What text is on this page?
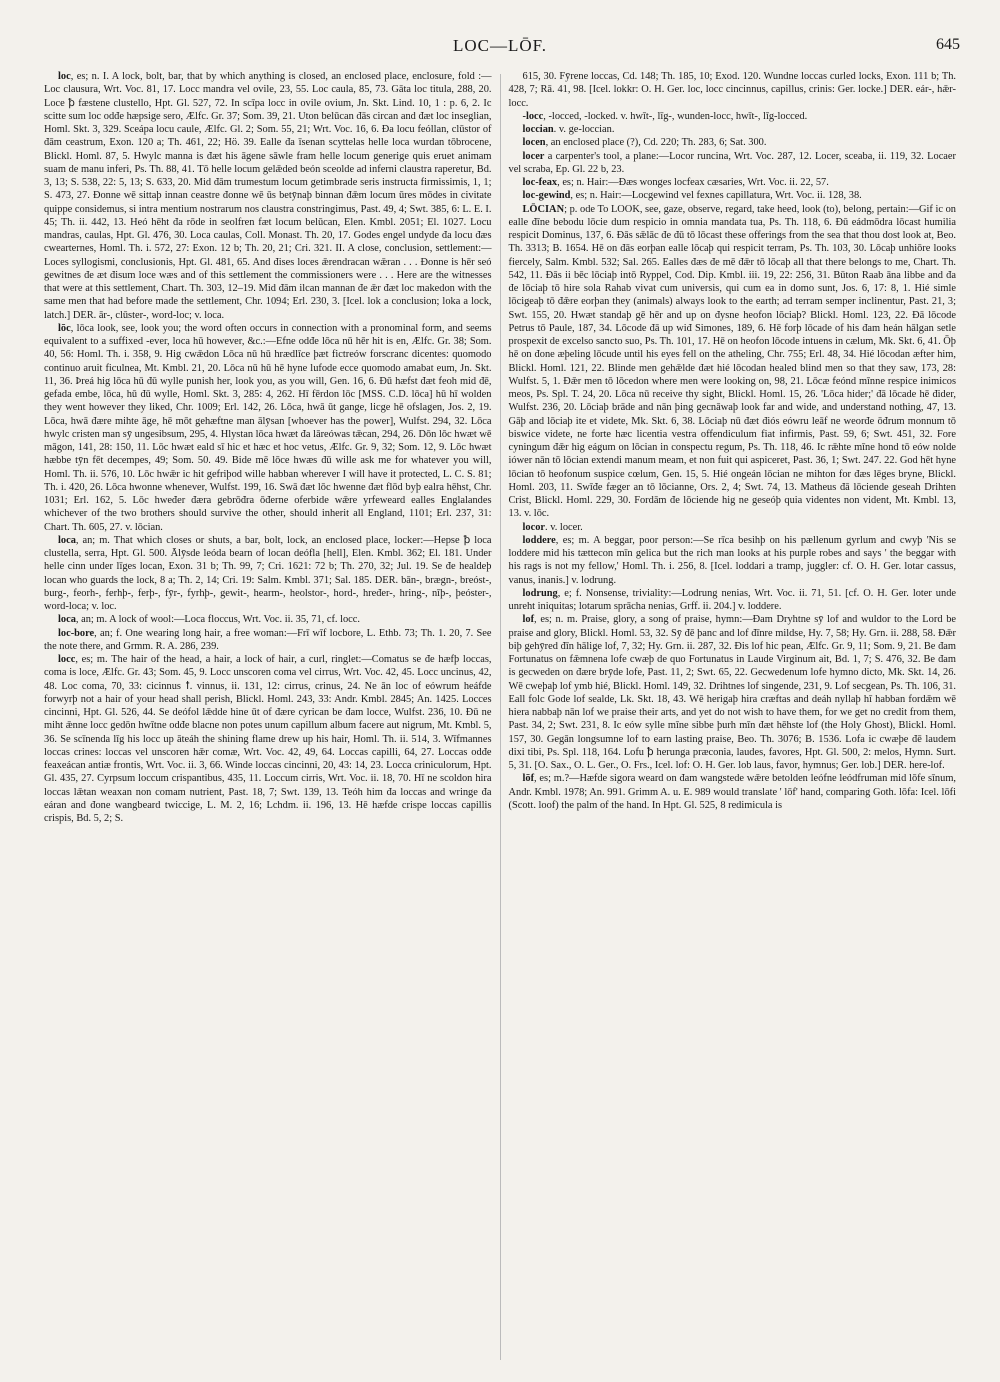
LOC—LŌF.	645

loc, es; n. I. A lock, bolt, bar, that by which anything is closed, an enclosed place, enclosure, fold :—Loc clausura, Wrt. Voc. 81, 17. Locc mandra vel ovile, 23, 55. Loc caula, 85, 73. Gāta loc titula, 288, 20. Loce ꝥ fæstene clustello, Hpt. Gl. 527, 72. In scīpa locc in ovile ovium, Jn. Skt. Lind. 10, 1 : p. 6, 2. Ic scitte sum loc odđe hæpsige sero, Ælfc. Gr. 37; Som. 39, 21. Uton belūcan đās circan and đæt loc inseglian, Homl. Skt. 3, 329. Sceápa locu caule, Ælfc. Gl. 2; Som. 55, 21; Wrt. Voc. 16, 6. Đa locu feóllan, clūstor of đām ceastrum, Exon. 120 a; Th. 461, 22; Hö. 39. Ealle đa īsenan scyttelas helle loca wurdan tōbrocene, Blickl. Homl. 87, 5. Hwylc manna is đæt his āgene sāwle fram helle locum generige quis eruet animam suam de manu inferi, Ps. Th. 88, 41. Tō helle locum gelǣded beón sceolde ad inferni claustra raperetur, Bd. 3, 13; S. 538, 22: 5, 13; S. 633, 20. Mid đām trumestum locum getimbrade seris instructa firmissimis, 1, 1; S. 473, 27. Đonne wē sittaþ innan ceastre đonne wē ūs betȳnaþ binnan đǣm locum ūres mōdes in civitate quippe considemus, si intra mentium nostrarum nos claustra constringimus, Past. 49, 4; Swt. 385, 6: L. E. I. 45; Th. ii. 442, 13. Heó hēht đa rōde in seolfren fæt locum belūcan, Elen. Kmbl. 2051; El. 1027. Locu mandras, caulas, Hpt. Gl. 476, 30. Loca caulas, Coll. Monast. Th. 20, 17. Godes engel undyde đa locu đæs cwearternes, Homl. Th. i. 572, 27: Exon. 12 b; Th. 20, 21; Cri. 321. II. A close, conclusion, settlement:—Loces syllogismi, conclusionis, Hpt. Gl. 481, 65. And đises loces ǣrendracan wǣran . . . Đonne is hēr seó gewitnes đe æt đisum loce wæs and of this settlement the commissioners were . . . Here are the witnesses that were at this settlement, Chart. Th. 303, 12–19. Mid đām ilcan mannan đe ǣr đæt loc makedon with the same men that had before made the settlement, Chr. 1094; Erl. 230, 3. [Icel. lok a conclusion; loka a lock, latch.] DER. ār-, clūster-, word-loc; v. loca.

lōc, lōca look, see, look you; the word often occurs in connection with a pronominal form, and seems equivalent to a suffixed -ever, loca hū however, &c.:—Efne odđe lōca nū hēr hit is en, Ælfc. Gr. 38; Som. 40, 56: Homl. Th. i. 358, 9. Hig cwǣdon Lōca nū hū hrædlīce þæt fictreów forscranc dicentes: quomodo continuo aruit ficulnea, Mt. Kmbl. 21, 20. Lōca nū hū hē hyne lufode ecce quomodo amabat eum, Jn. Skt. 11, 36. Þreá hig lōca hū đū wylle punish her, look you, as you will, Gen. 16, 6. Đū hæfst đæt feoh mid đē, gefada embe, lōca, hū đū wylle, Homl. Skt. 3, 285: 4, 262. Hī fērdon lōc [MSS. C.D. lōca] hū hī wolden they went however they liked, Chr. 1009; Erl. 142, 26. Lōca, hwā ūt gange, licge hē ofslagen, Jos. 2, 19. Lōca, hwā đære mihte āge, hē mōt gehæftne man ālȳsan [whoever has the power], Wulfst. 294, 32. Lōca hwylc cristen man sȳ ungesibsum, 295, 4. Hlystan lōca hwæt đa lāreówas tǣcan, 294, 26. Dōn lōc hwæt wē māgon, 141, 28: 150, 11. Lōc hwæt eald sī hic et hæc et hoc vetus, Ælfc. Gr. 9, 32; Som. 12, 9. Lōc hwæt hæbbe tȳn fēt decempes, 49; Som. 50. 49. Bide mē lōce hwæs đū wille ask me for whatever you will, Homl. Th. ii. 576, 10. Lōc hwǣr ic hit gefriþod wille habban wherever I will have it protected, L. C. S. 81; Th. i. 420, 26. Lōca hwonne whenever, Wulfst. 199, 16. Swā đæt lōc hwenne đæt flōd byþ ealra hēhst, Chr. 1031; Erl. 162, 5. Lōc hweđer đæra gebrōđra ōđerne oferbide wǣre yrfeweard ealles Englalandes whichever of the two brothers should survive the other, should inherit all England, 1101; Erl. 237, 31: Chart. Th. 605, 27. v. lōcian.

loca, an; m. That which closes or shuts, a bar, bolt, lock, an enclosed place, locker:—Hepse ꝥ loca clustella, serra, Hpt. Gl. 500. Ālȳsde leóda bearn of locan deófla [hell], Elen. Kmbl. 362; El. 181. Under helle cinn under līges locan, Exon. 31 b; Th. 99, 7; Cri. 1621: 72 b; Th. 270, 32; Jul. 19. Se đe healdeþ locan who guards the lock, 8 a; Th. 2, 14; Cri. 19: Salm. Kmbl. 371; Sal. 185. DER. bān-, brægn-, breóst-, burg-, feorh-, ferhþ-, ferþ-, fȳr-, fyrhþ-, gewit-, hearm-, heolstor-, hord-, hređer-, hring-, nīþ-, þeóster-, word-loca; v. loc.

loca, an; m. A lock of wool:—Loca floccus, Wrt. Voc. ii. 35, 71, cf. locc.

loc-bore, an; f. One wearing long hair, a free woman:—Frī wīf locbore, L. Ethb. 73; Th. 1. 20, 7. See the note there, and Grmm. R. A. 286, 239.

locc, es; m. The hair of the head, a hair, a lock of hair, a curl, ringlet:—Comatus se đe hæfþ loccas, coma is loce, Ælfc. Gr. 43; Som. 45, 9. Locc unscoren coma vel cirrus, Wrt. Voc. 42, 45. Locc uncinus, 42, 48. Loc coma, 70, 33: cicinnus ꝉ. vinnus, ii. 131, 12: cirrus, crinus, 24. Ne ān loc of eówrum heáfde forwyrþ not a hair of your head shall perish, Blickl. Homl. 243, 33: Andr. Kmbl. 2845; An. 1425. Locces cincinni, Hpt. Gl. 526, 44. Se deófol lǣdde hine ūt of đære cyrican be đam locce, Wulfst. 236, 10. Đū ne miht ǣnne locc gedōn hwītne odđe blacne non potes unum capillum album facere aut nigrum, Mt. Kmbl. 5, 36. Se scīnenda līg his locc up āteáh the shining flame drew up his hair, Homl. Th. ii. 514, 3. Wīfmannes loccas crines: loccas vel unscoren hǣr comæ, Wrt. Voc. 42, 49, 64. Loccas capilli, 64, 27. Loccas odđe feaxeácan antiæ frontis, Wrt. Voc. ii. 3, 66. Winde loccas cincinni, 20, 43: 14, 23. Locca criniculorum, Hpt. Gl. 435, 27. Cyrpsum loccum crispantibus, 435, 11. Loccum cirris, Wrt. Voc. ii. 18, 70. Hī ne scoldon hira loccas lǣtan weaxan non comam nutrient, Past. 18, 7; Swt. 139, 13. Teóh him đa loccas and wringe đa eáran and đone wangbeard twiccige, L. M. 2, 16; Lchdm. ii. 196, 13. Hē hæfde crispe loccas capillis crispis, Bd. 5, 2; S.

615, 30. Fȳrene loccas, Cd. 148; Th. 185, 10; Exod. 120. Wundne loccas curled locks, Exon. 111 b; Th. 428, 7; Rā. 41, 98. [Icel. lokkr: O. H. Ger. loc, locc cincinnus, capillus, crinis: Ger. locke.] DER. eár-, hǣr-locc.

-locc, -locced, -locked. v. hwīt-, līg-, wunden-locc, hwīt-, līg-locced.

loccian. v. ge-loccian.

locen, an enclosed place (?), Cd. 220; Th. 283, 6; Sat. 300.

locer a carpenter's tool, a plane:—Locor runcina, Wrt. Voc. 287, 12. Locer, sceaba, ii. 119, 32. Locaer vel scraba, Ep. Gl. 22 b, 23.

loc-feax, es; n. Hair:—Đæs wonges locfeax cæsaries, Wrt. Voc. ii. 22, 57.

loc-gewind, es; n. Hair:—Locgewind vel fexnes capillatura, Wrt. Voc. ii. 128, 38.

LŌCIAN; p. ode To LOOK, see, gaze, observe, regard, take heed, look (to), belong, pertain:—Gif ic on ealle đīne bebodu lōcie dum respicio in omnia mandata tua, Ps. Th. 118, 6. Đū eádmōdra lōcast humilia respicit Dominus, 137, 6. Đās sǣlāc đe đū tō lōcast these offerings from the sea that thou dost look at, Beo. Th. 3313; B. 1654. Hē on đās eorþan ealle lōcaþ qui respicit terram, Ps. Th. 103, 30. Lōcaþ unhiōre looks fiercely, Salm. Kmbl. 532; Sal. 265. Ealles đæs đe mē đǣr tō lōcaþ all that there belongs to me, Chart. Th. 542, 11. Đās ii bēc lōciaþ intō Ryppel, Cod. Dip. Kmbl. iii. 19, 22: 256, 31. Būton Raab āna libbe and đa đe lōciaþ tō hire sola Rahab vivat cum universis, qui cum ea in domo sunt, Jos. 6, 17: 8, 1. Hié simle lōcigeaþ tō đǣre eorþan they (animals) always look to the earth; ad terram semper inclinentur, Past. 21, 3; Swt. 155, 20. Hwæt standaþ gē hēr and up on đysne heofon lōciaþ? Blickl. Homl. 123, 22. Đā lōcode Petrus tō Paule, 187, 34. Lōcode đā up wiđ Simones, 189, 6. Hē forþ lōcade of his đam heán hālgan setle prospexit de excelso sancto suo, Ps. Th. 101, 17. Hē on heofon lōcode intuens in cælum, Mk. Skt. 6, 41. Ōþ hē on đone æþeling lōcude until his eyes fell on the atheling, Chr. 755; Erl. 48, 34. Hié lōcodan æfter him, Blickl. Homl. 121, 22. Blinde men gehǣlde đæt hié lōcodan healed blind men so that they saw, 173, 28: Wulfst. 5, 1. Đǣr men tō lōcedon where men were looking on, 98, 21. Lōcæ feónd mīnne respice inimicos meos, Ps. Spl. T. 24, 20. Lōca nū receive thy sight, Blickl. Homl. 15, 26. 'Lōca hider;' đā lōcade hē đider, Wulfst. 236, 20. Lōciaþ brāde and nān þing gecnāwaþ look far and wide, and understand nothing, 47, 13. Gāþ and lōciaþ ite et videte, Mk. Skt. 6, 38. Lōciaþ nū đæt điós eówru leāf ne weorđe ōđrum monnum tō biswice videte, ne forte hæc licentia vestra offendiculum fiat infirmis, Past. 59, 6; Swt. 451, 32. Fore cyningum đǣr hig eágum on lōcian in conspectu regum, Ps. Th. 118, 46. Ic rǣhte mīne hond tō eów nolde iówer nān tō lōcian extendi manum meam, et non fuit qui aspiceret, Past. 36, 1; Swt. 247. 22. God hēt hyne lōcian tō heofonum suspice cœlum, Gen. 15, 5. Hié ongeán lōcian ne mihton for đæs lēges bryne, Blickl. Homl. 203, 11. Swīđe fæger an tō lōcianne, Ors. 2, 4; Swt. 74, 13. Matheus đā lōciende geseah Drihten Crist, Blickl. Homl. 229, 30. Fordām đe lōciende hig ne geseóþ quia videntes non vident, Mt. Kmbl. 13, 13. v. lōc.

locor. v. locer.

loddere, es; m. A beggar, poor person:—Se rīca besihþ on his pællenum gyrlum and cwyþ 'Nis se loddere mid his tættecon mīn gelica but the rich man looks at his purple robes and says ' the beggar with his rags is not my fellow,' Homl. Th. i. 256, 8. [Icel. loddari a tramp, juggler: cf. O. H. Ger. lotar cassus, vanus, inanis.] v. lodrung.

lodrung, e; f. Nonsense, triviality:—Lodrung nenias, Wrt. Voc. ii. 71, 51. [cf. O. H. Ger. loter unde unreht iniquitas; lotarum sprācha nenias, Grff. ii. 204.] v. loddere.

lof, es; n. m. Praise, glory, a song of praise, hymn:—Đam Dryhtne sȳ lof and wuldor to the Lord be praise and glory, Blickl. Homl. 53, 32. Sȳ đē þanc and lof đīnre mildse, Hy. 7, 58; Hy. Grn. ii. 288, 58. Đǣr biþ gehȳred đīn hālige lof, 7, 32; Hy. Grn. ii. 287, 32. Đis lof hic pean, Ælfc. Gr. 9, 11; Som. 9, 21. Be đam Fortunatus on fǣmnena lofe cwæþ de quo Fortunatus in Laude Virginum ait, Bd. 1, 7; S. 476, 32. Be đam is gecweden on đære brȳde lofe, Past. 11, 2; Swt. 65, 22. Gecwedenum lofe hymno dicto, Mk. Skt. 14, 26. Wē cweþaþ lof ymb hié, Blickl. Homl. 149, 32. Drihtnes lof singende, 231, 9. Lof secgean, Ps. Th. 106, 31. Eall folc Gode lof sealde, Lk. Skt. 18, 43. Wē herigaþ hira cræftas and deáh nyllaþ hī habban fordǣm wē hiera nabbaþ nān lof we praise their arts, and yet do not wish to have them, for we get no credit from them, Past. 34, 2; Swt. 231, 8. Ic eów sylle mīne sibbe þurh mīn đæt hēhste lof (the Holy Ghost), Blickl. Homl. 157, 30. Gegān longsumne lof to earn lasting praise, Beo. Th. 3076; B. 1536. Lofa ic cwæþe đē laudem dixi tibi, Ps. Spl. 118, 164. Lofu ꝥ herunga præconia, laudes, favores, Hpt. Gl. 500, 2: melos, Hymn. Surt. 5, 31. [O. Sax., O. L. Ger., O. Frs., Icel. lof: O. H. Ger. lob laus, favor, hymnus; Ger. lob.] DER. here-lof.

lōf, es; m.?—Hæfde sigora weard on đam wangstede wǣre betolden leófne leódfruman mid lōfe sīnum, Andr. Kmbl. 1978; An. 991. Grimm A. u. E. 989 would translate ' lōf' hand, comparing Goth. lōfa: Icel. lōfi (Scott. loof) the palm of the hand. In Hpt. Gl. 525, 8 redimicula is
